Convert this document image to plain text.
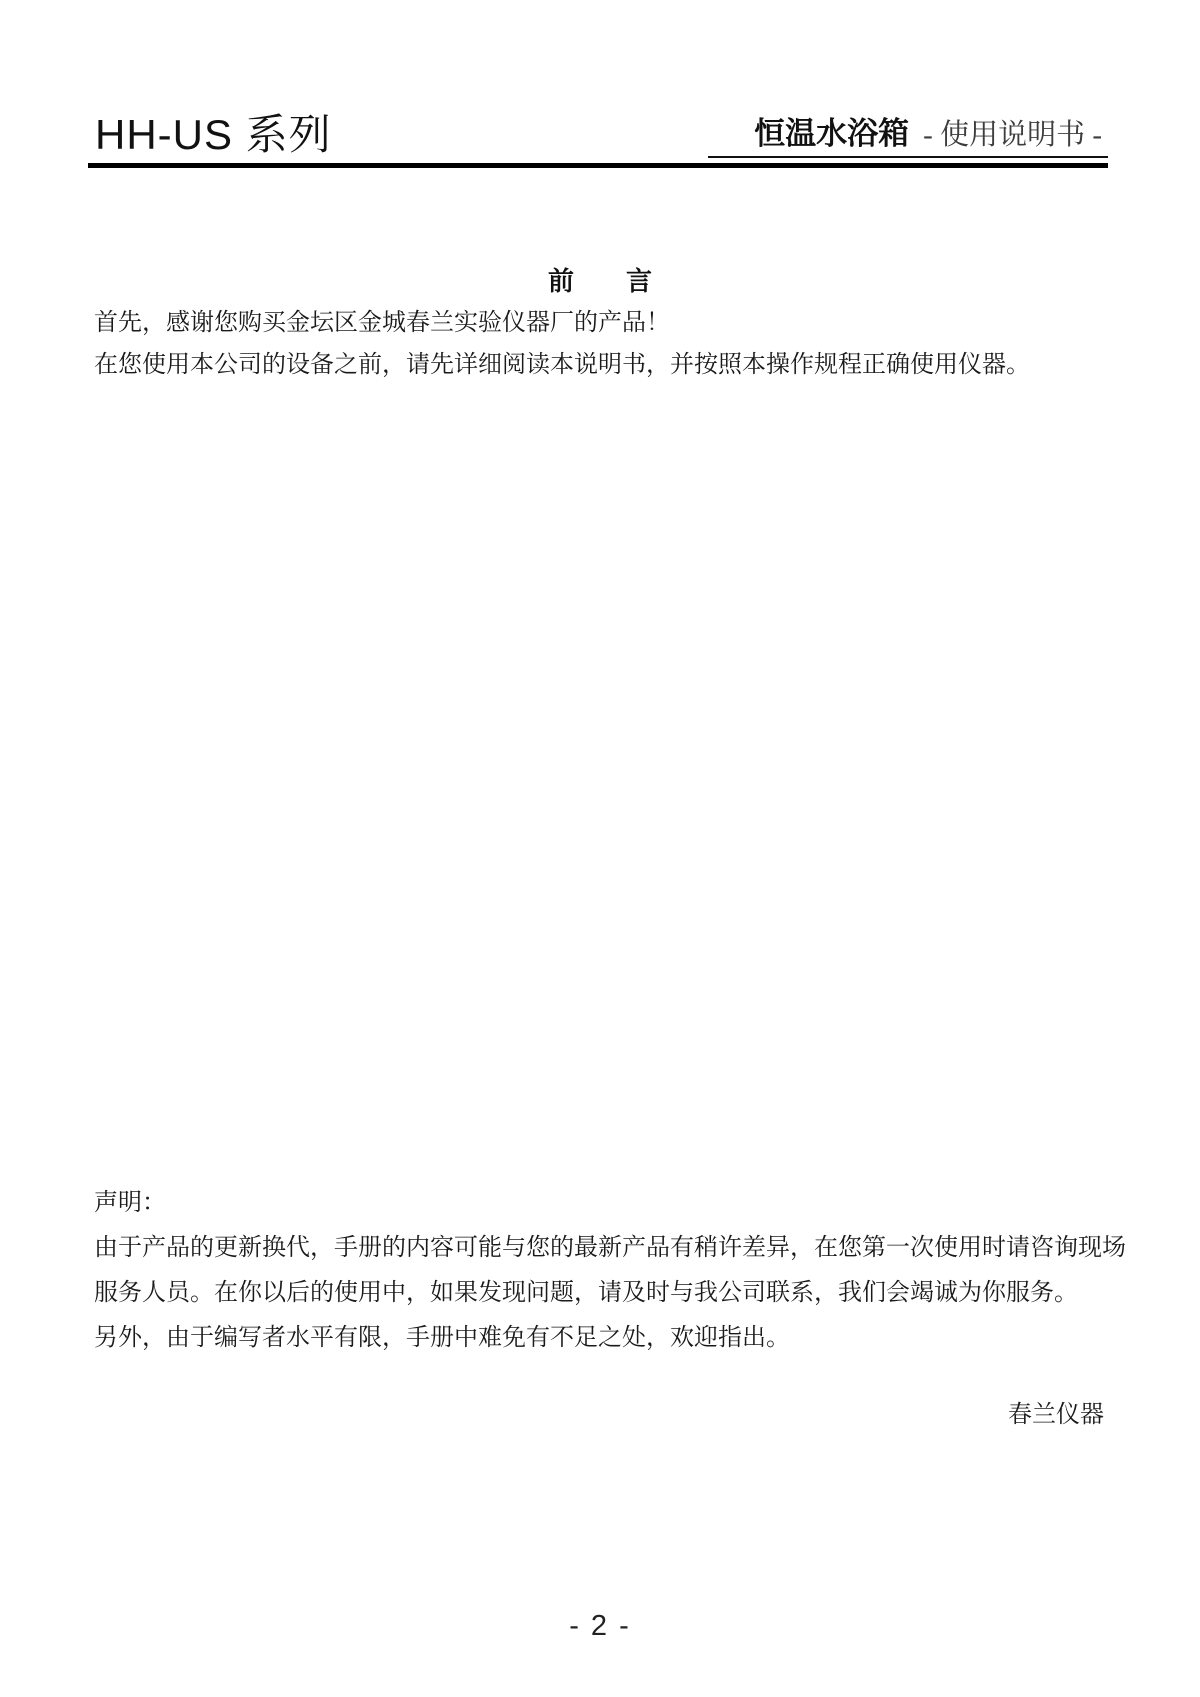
HH-US 系列	恒温水浴箱 - 使用说明书 -
前　　言
首先，感谢您购买金坛区金城春兰实验仪器厂的产品！
在您使用本公司的设备之前，请先详细阅读本说明书，并按照本操作规程正确使用仪器。
声明：
由于产品的更新换代，手册的内容可能与您的最新产品有稍许差异，在您第一次使用时请咨询现场
服务人员。在你以后的使用中，如果发现问题，请及时与我公司联系，我们会竭诚为你服务。
另外，由于编写者水平有限，手册中难免有不足之处，欢迎指出。
春兰仪器
- 2 -
